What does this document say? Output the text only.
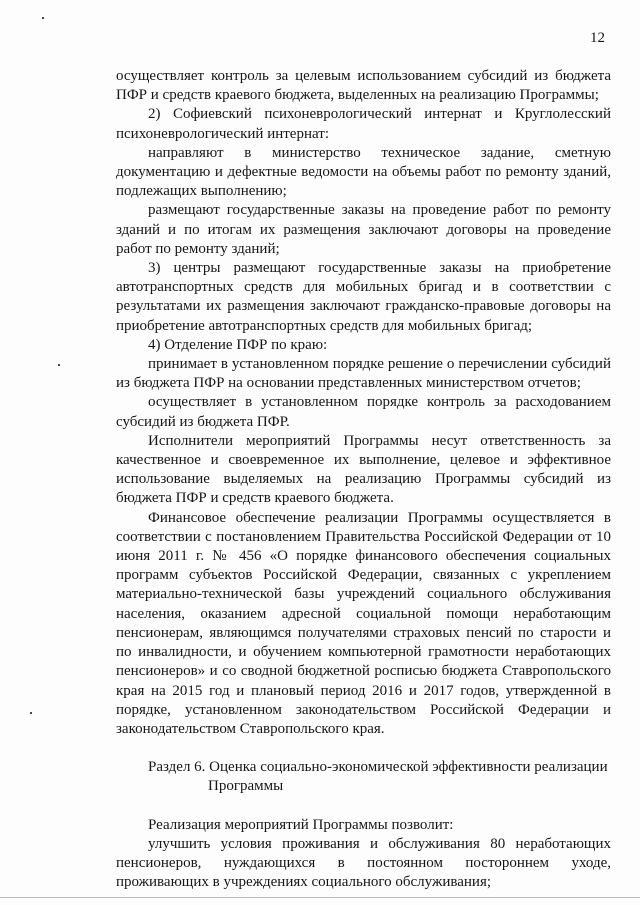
12

осуществляет контроль за целевым использованием субсидий из бюджета ПФР и средств краевого бюджета, выделенных на реализацию Программы;

2) Софиевский психоневрологический интернат и Круглолесский психоневрологический интернат:

направляют в министерство техническое задание, сметную документацию и дефектные ведомости на объемы работ по ремонту зданий, подлежащих выполнению;

размещают государственные заказы на проведение работ по ремонту зданий и по итогам их размещения заключают договоры на проведение работ по ремонту зданий;

3) центры размещают государственные заказы на приобретение автотранспортных средств для мобильных бригад и в соответствии с результатами их размещения заключают гражданско-правовые договоры на приобретение автотранспортных средств для мобильных бригад;

4) Отделение ПФР по краю:

принимает в установленном порядке решение о перечислении субсидий из бюджета ПФР на основании представленных министерством отчетов;

осуществляет в установленном порядке контроль за расходованием субсидий из бюджета ПФР.

Исполнители мероприятий Программы несут ответственность за качественное и своевременное их выполнение, целевое и эффективное использование выделяемых на реализацию Программы субсидий из бюджета ПФР и средств краевого бюджета.

Финансовое обеспечение реализации Программы осуществляется в соответствии с постановлением Правительства Российской Федерации от 10 июня 2011 г. № 456 «О порядке финансового обеспечения социальных программ субъектов Российской Федерации, связанных с укреплением материально-технической базы учреждений социального обслуживания населения, оказанием адресной социальной помощи неработающим пенсионерам, являющимся получателями страховых пенсий по старости и по инвалидности, и обучением компьютерной грамотности неработающих пенсионеров» и со сводной бюджетной росписью бюджета Ставропольского края на 2015 год и плановый период 2016 и 2017 годов, утвержденной в порядке, установленном законодательством Российской Федерации и законодательством Ставропольского края.

Раздел 6. Оценка социально-экономической эффективности реализации
Программы

Реализация мероприятий Программы позволит:

улучшить условия проживания и обслуживания 80 неработающих пенсионеров, нуждающихся в постоянном постороннем уходе, проживающих в учреждениях социального обслуживания;
